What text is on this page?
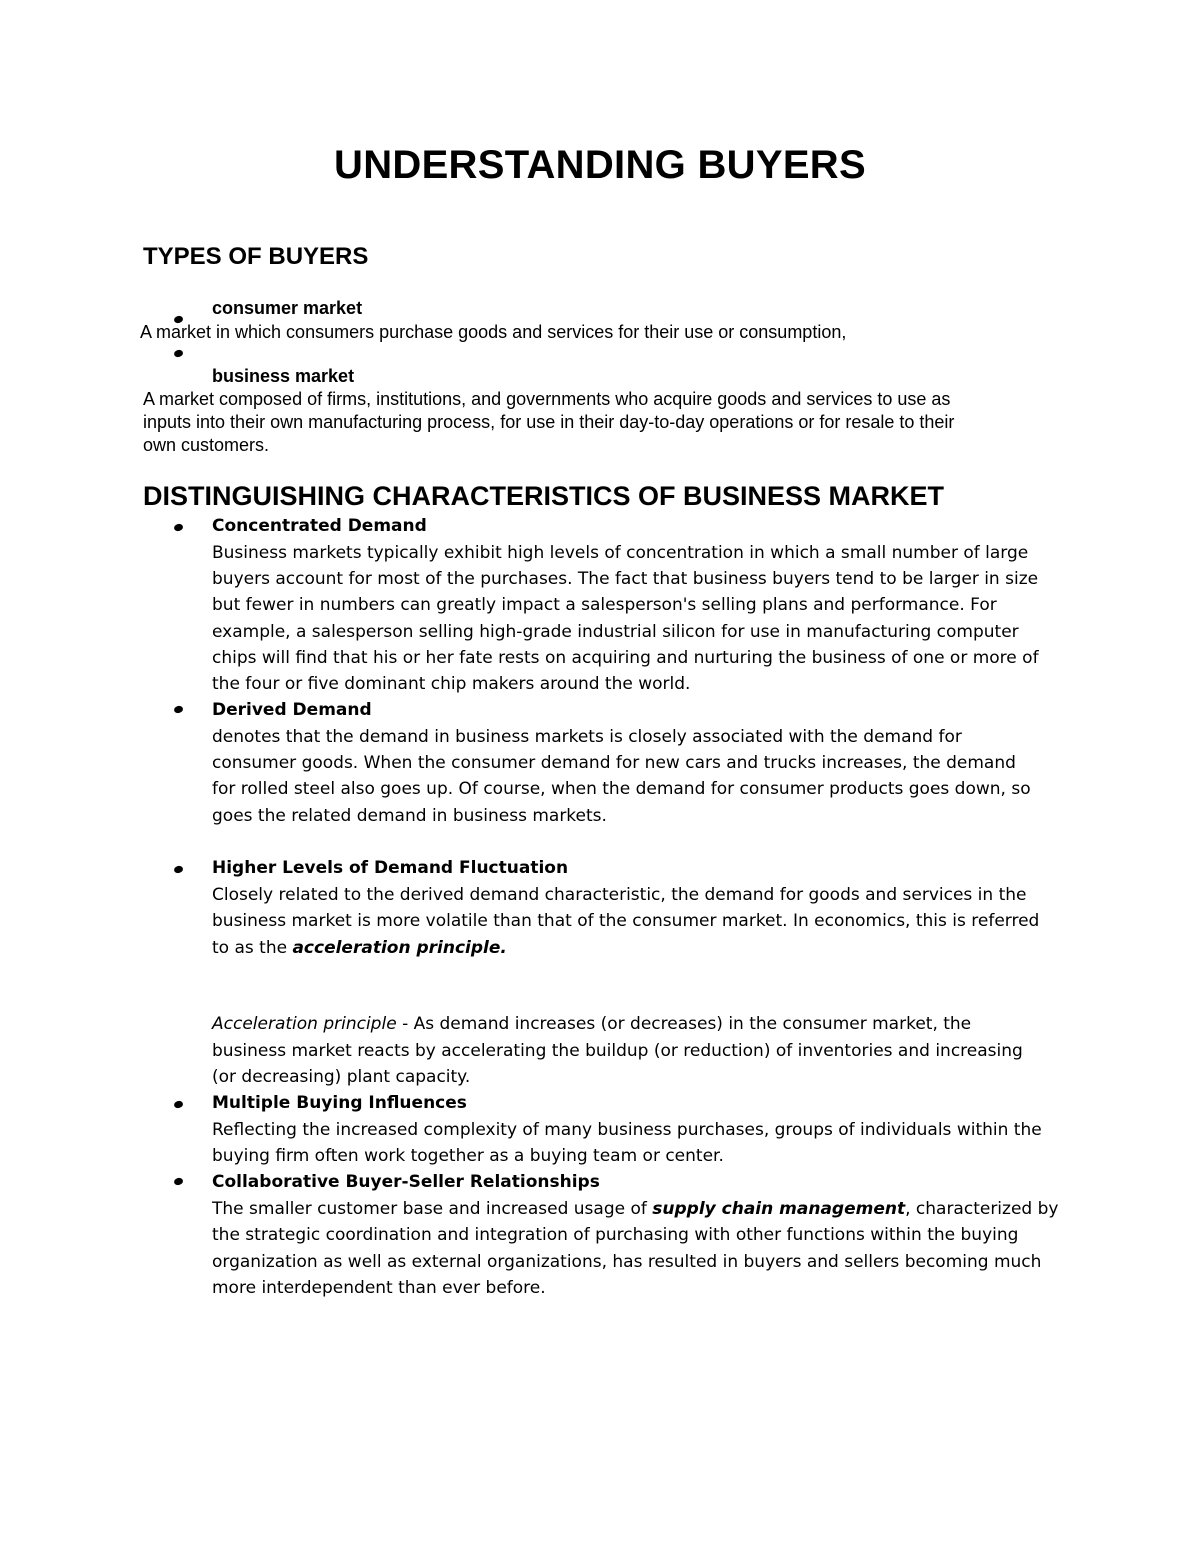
UNDERSTANDING BUYERS
TYPES OF BUYERS
consumer market
A market in which consumers purchase goods and services for their use or consumption,
business market
A market composed of firms, institutions, and governments who acquire goods and services to use as
inputs into their own manufacturing process, for use in their day-to-day operations or for resale to their
own customers.
DISTINGUISHING CHARACTERISTICS OF BUSINESS MARKET
Concentrated Demand
Business markets typically exhibit high levels of concentration in which a small number of large
buyers account for most of the purchases. The fact that business buyers tend to be larger in size
but fewer in numbers can greatly impact a salesperson's selling plans and performance. For
example, a salesperson selling high-grade industrial silicon for use in manufacturing computer
chips will find that his or her fate rests on acquiring and nurturing the business of one or more of
the four or five dominant chip makers around the world.
Derived Demand
denotes that the demand in business markets is closely associated with the demand for
consumer goods. When the consumer demand for new cars and trucks increases, the demand
for rolled steel also goes up. Of course, when the demand for consumer products goes down, so
goes the related demand in business markets.
Higher Levels of Demand Fluctuation
Closely related to the derived demand characteristic, the demand for goods and services in the
business market is more volatile than that of the consumer market. In economics, this is referred
to as the acceleration principle.
Acceleration principle - As demand increases (or decreases) in the consumer market, the
business market reacts by accelerating the buildup (or reduction) of inventories and increasing
(or decreasing) plant capacity.
Multiple Buying Influences
Reflecting the increased complexity of many business purchases, groups of individuals within the
buying firm often work together as a buying team or center.
Collaborative Buyer-Seller Relationships
The smaller customer base and increased usage of supply chain management, characterized by
the strategic coordination and integration of purchasing with other functions within the buying
organization as well as external organizations, has resulted in buyers and sellers becoming much
more interdependent than ever before.
